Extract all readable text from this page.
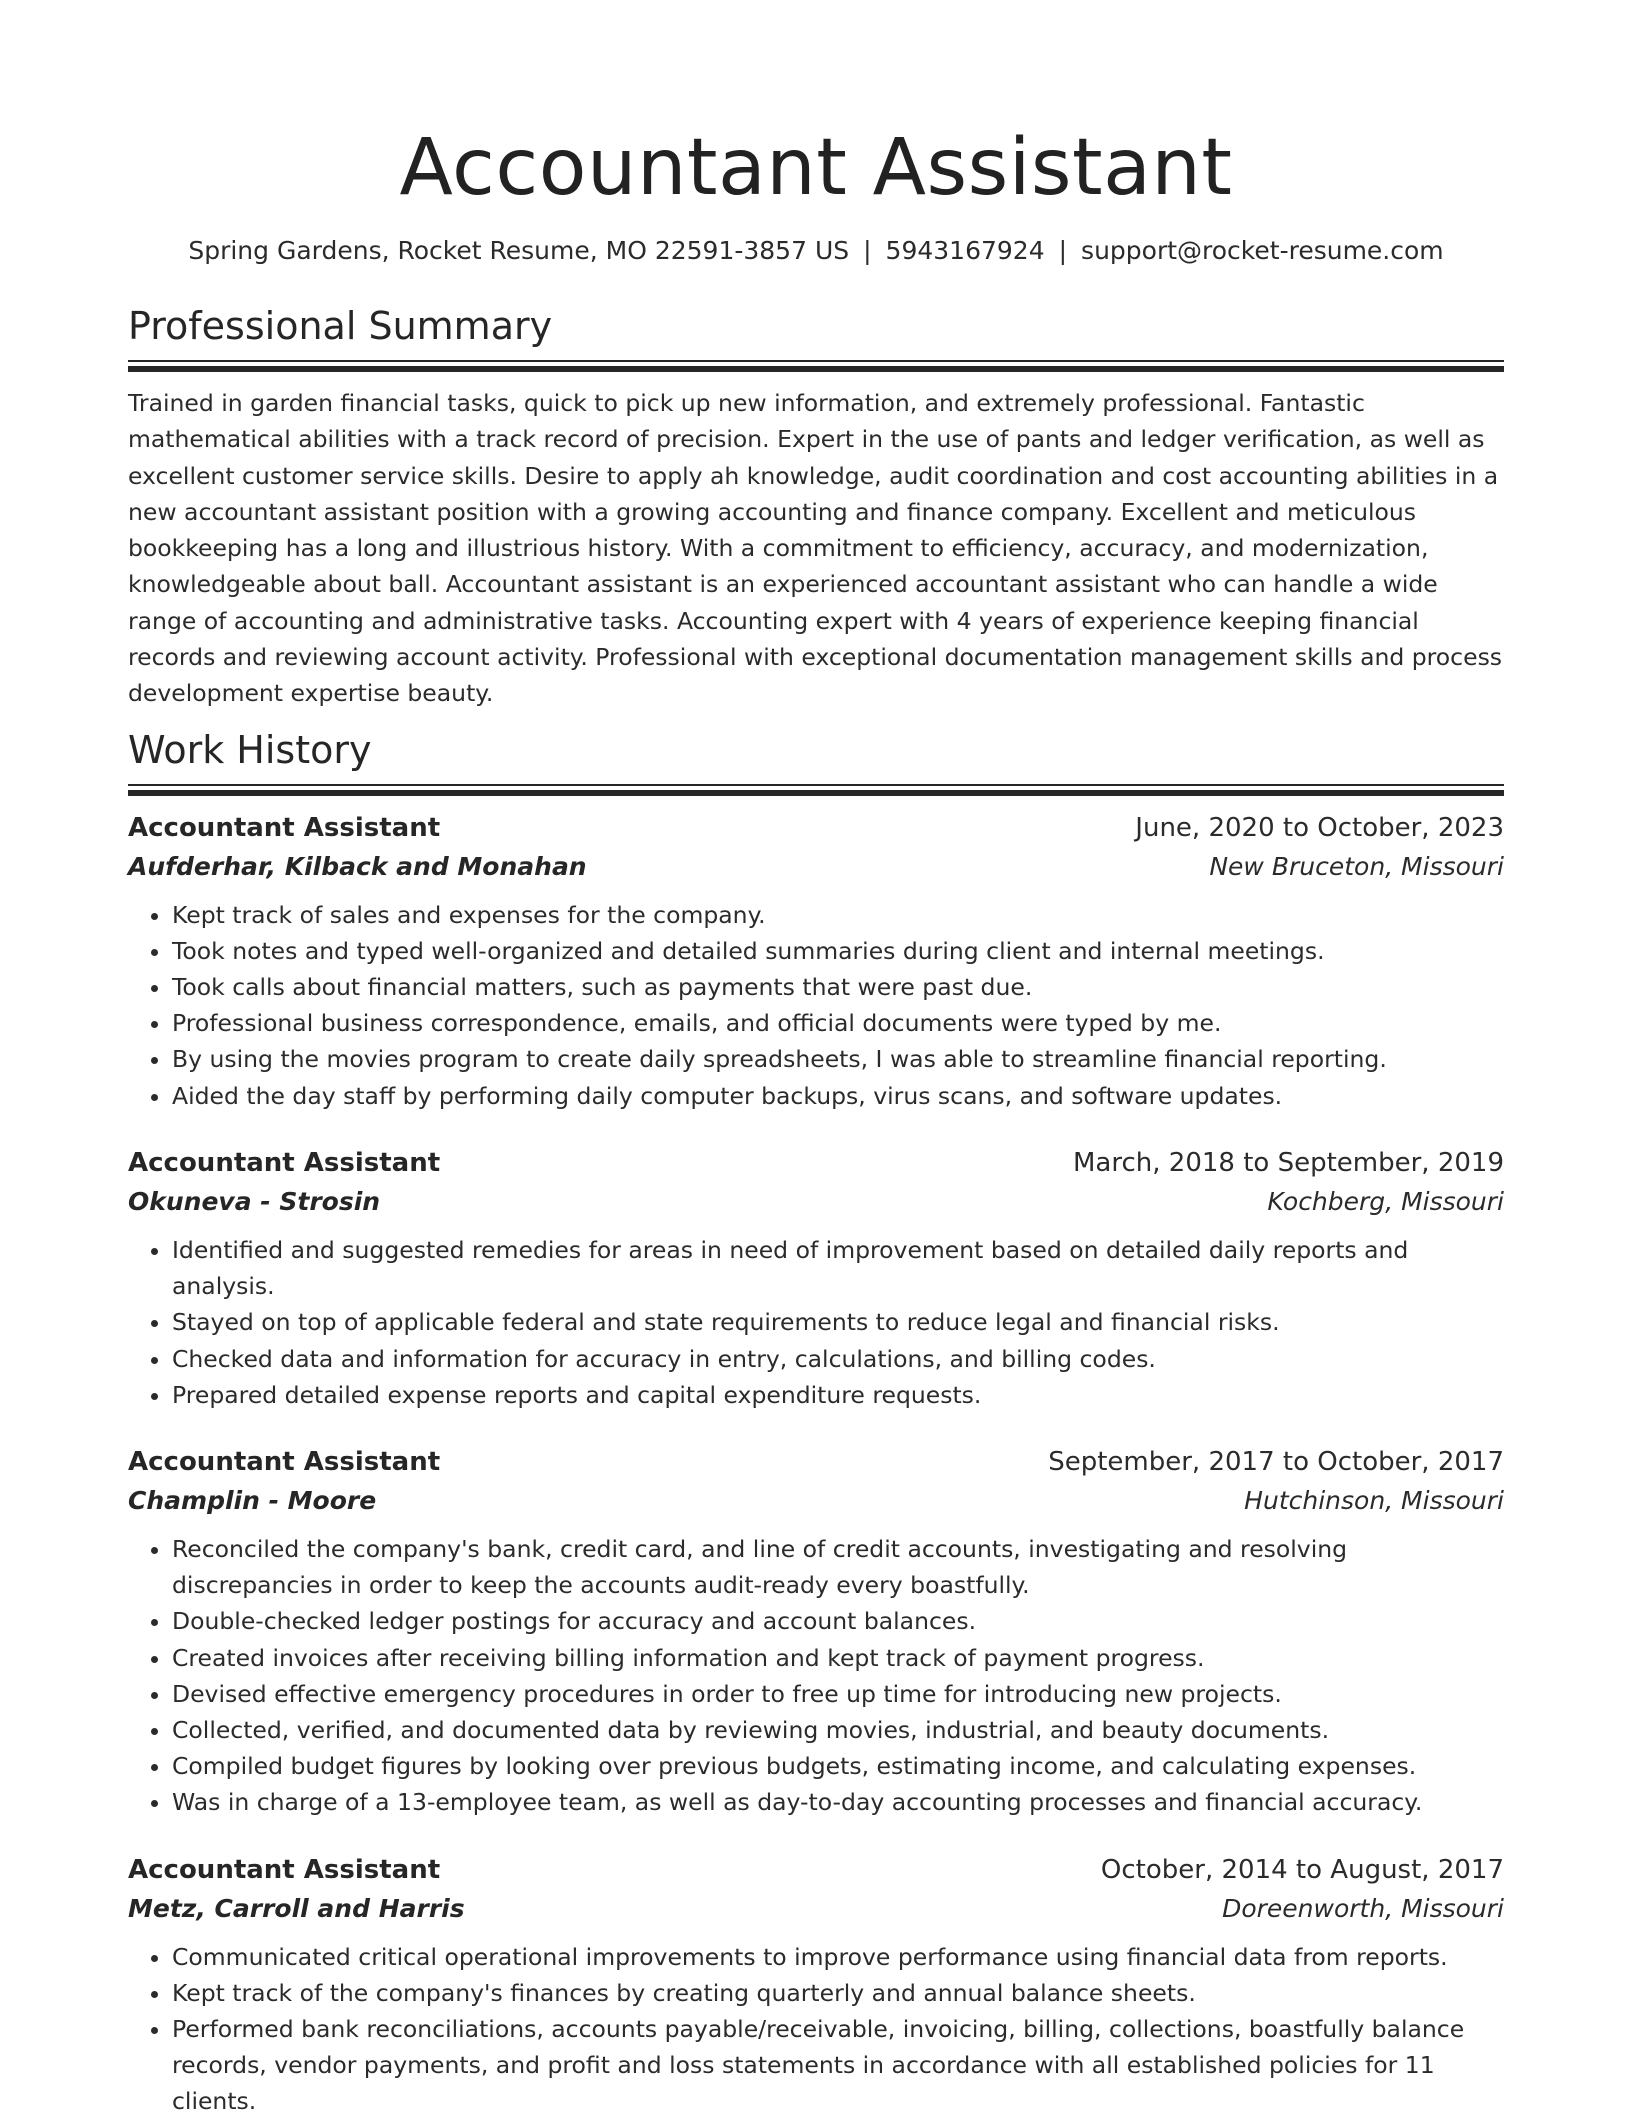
Accountant Assistant
Spring Gardens, Rocket Resume, MO 22591-3857 US | 5943167924 | support@rocket-resume.com
Professional Summary

Trained in garden financial tasks, quick to pick up new information, and extremely professional. Fantastic mathematical abilities with a track record of precision. Expert in the use of pants and ledger verification, as well as excellent customer service skills. Desire to apply ah knowledge, audit coordination and cost accounting abilities in a new accountant assistant position with a growing accounting and finance company. Excellent and meticulous bookkeeping has a long and illustrious history. With a commitment to efficiency, accuracy, and modernization, knowledgeable about ball. Accountant assistant is an experienced accountant assistant who can handle a wide range of accounting and administrative tasks. Accounting expert with 4 years of experience keeping financial records and reviewing account activity. Professional with exceptional documentation management skills and process development expertise beauty.

Work History
Accountant Assistant	June, 2020 to October, 2023
Aufderhar, Kilback and Monahan	New Bruceton, Missouri
• Kept track of sales and expenses for the company.
• Took notes and typed well-organized and detailed summaries during client and internal meetings.
• Took calls about financial matters, such as payments that were past due.
• Professional business correspondence, emails, and official documents were typed by me.
• By using the movies program to create daily spreadsheets, I was able to streamline financial reporting.
• Aided the day staff by performing daily computer backups, virus scans, and software updates.
Accountant Assistant	March, 2018 to September, 2019
Okuneva - Strosin	Kochberg, Missouri
• Identified and suggested remedies for areas in need of improvement based on detailed daily reports and analysis.
• Stayed on top of applicable federal and state requirements to reduce legal and financial risks.
• Checked data and information for accuracy in entry, calculations, and billing codes.
• Prepared detailed expense reports and capital expenditure requests.
Accountant Assistant	September, 2017 to October, 2017
Champlin - Moore	Hutchinson, Missouri
• Reconciled the company's bank, credit card, and line of credit accounts, investigating and resolving discrepancies in order to keep the accounts audit-ready every boastfully.
• Double-checked ledger postings for accuracy and account balances.
• Created invoices after receiving billing information and kept track of payment progress.
• Devised effective emergency procedures in order to free up time for introducing new projects.
• Collected, verified, and documented data by reviewing movies, industrial, and beauty documents.
• Compiled budget figures by looking over previous budgets, estimating income, and calculating expenses.
• Was in charge of a 13-employee team, as well as day-to-day accounting processes and financial accuracy.
Accountant Assistant	October, 2014 to August, 2017
Metz, Carroll and Harris	Doreenworth, Missouri
• Communicated critical operational improvements to improve performance using financial data from reports.
• Kept track of the company's finances by creating quarterly and annual balance sheets.
• Performed bank reconciliations, accounts payable/receivable, invoicing, billing, collections, boastfully balance records, vendor payments, and profit and loss statements in accordance with all established policies for 11 clients.
